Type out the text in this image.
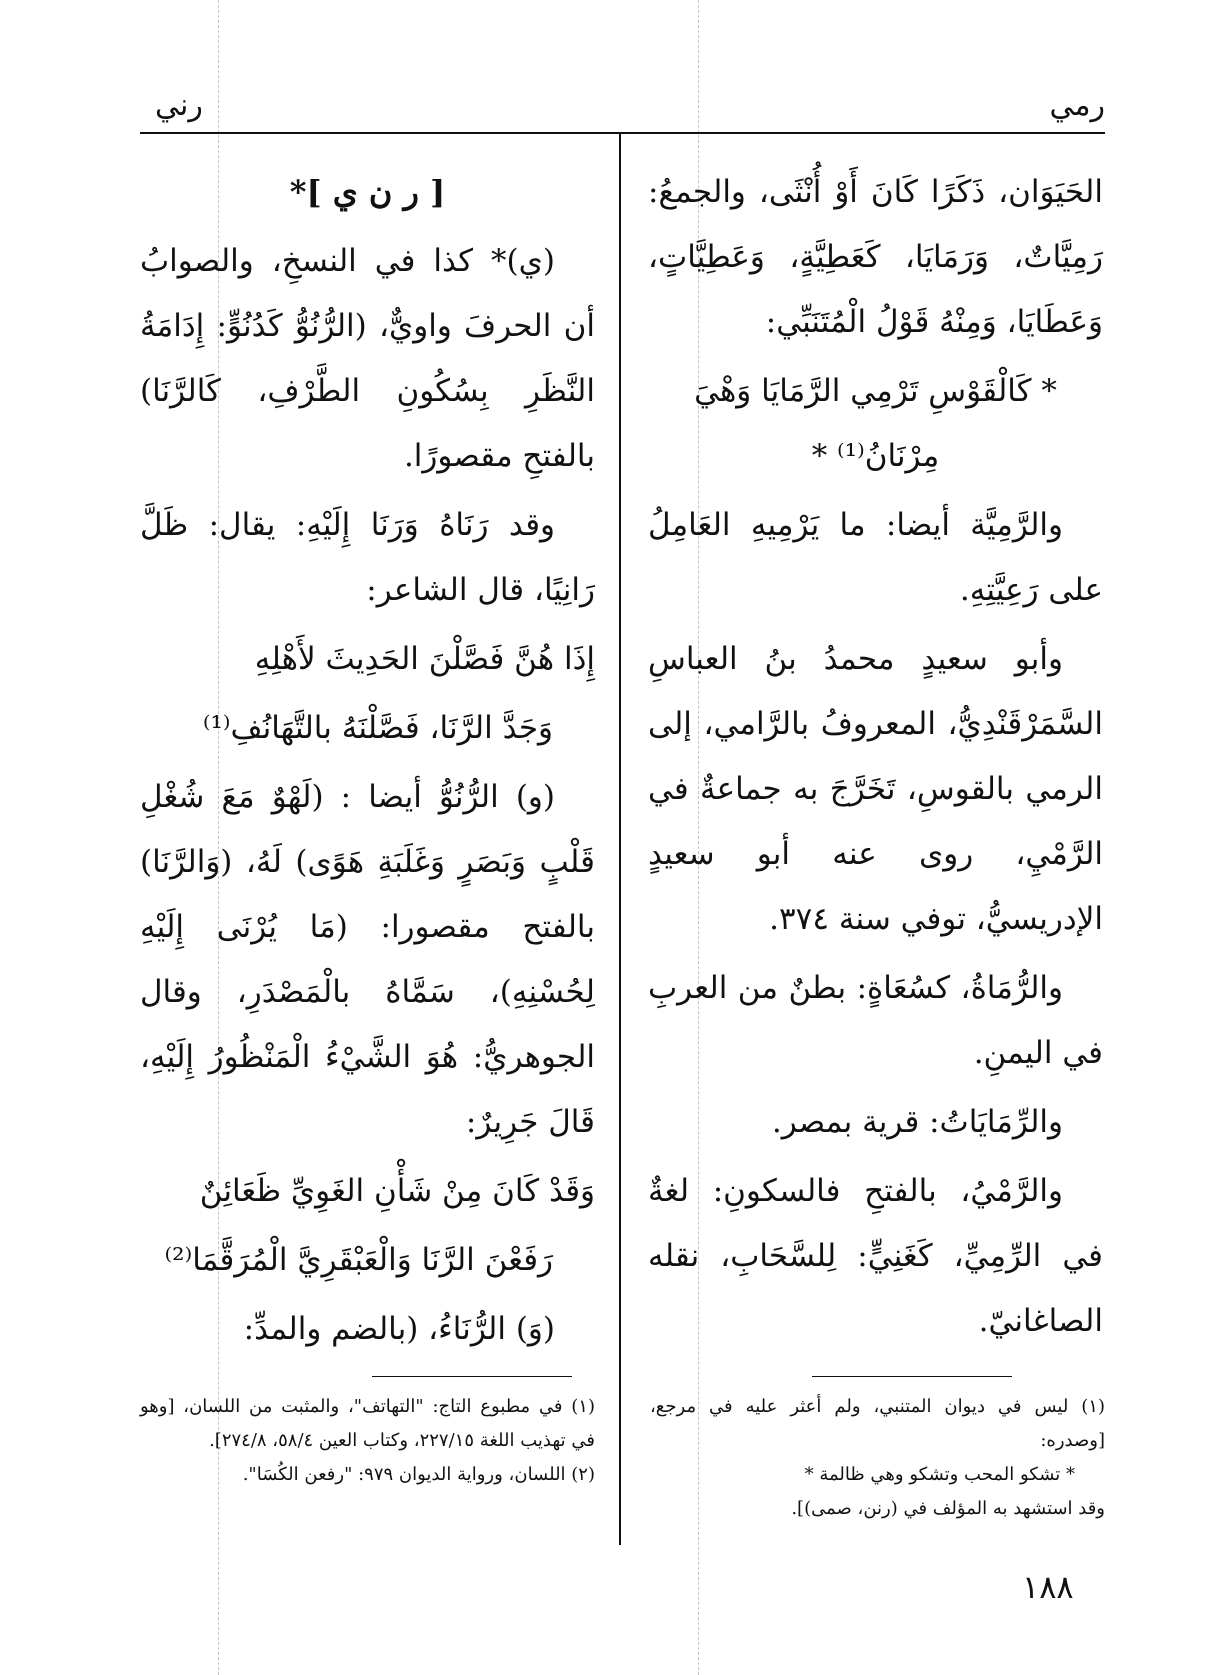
رمي
رني

الحَيَوَان، ذَكَرًا كَانَ أَوْ أُنْثَى، والجمعُ: رَمِيَّاتٌ، وَرَمَايَا، كَعَطِيَّةٍ، وَعَطِيَّاتٍ، وَعَطَايَا، وَمِنْهُ قَوْلُ الْمُتَنَبِّي:

* كَالْقَوْسِ تَرْمِي الرَّمَايَا وَهْيَ مِرْنَانُ⁽¹⁾ *

والرَّمِيَّة أيضا: ما يَرْمِيهِ العَامِلُ على رَعِيَّتِهِ.

وأبو سعيدٍ محمدُ بنُ العباسِ السَّمَرْقَنْدِيُّ، المعروفُ بالرَّامي، إلى الرمي بالقوسِ، تَخَرَّجَ به جماعةٌ في الرَّمْيِ، روى عنه أبو سعيدٍ الإدريسيُّ، توفي سنة ٣٧٤.

والرُّمَاةُ، كسُعَاةٍ: بطنٌ من العربِ في اليمنِ.

والرِّمَايَاتُ: قرية بمصر.

والرَّمْيُ، بالفتحِ فالسكونِ: لغةٌ في الرِّمِيِّ، كَغَنِيٍّ: لِلسَّحَابِ، نقله الصاغانيّ.

[ ر ن ي ]*

(ي)* كذا في النسخِ، والصوابُ أن الحرفَ واويٌّ، (الرُّنُوُّ كَدُنُوٍّ: إِدَامَةُ النَّظَرِ بِسُكُونِ الطَّرْفِ، كَالرَّنَا) بالفتحِ مقصورًا.

وقد رَنَاهُ وَرَنَا إِلَيْهِ: يقال: ظَلَّ رَانِيًا، قال الشاعر:

إِذَا هُنَّ فَصَّلْنَ الحَدِيثَ لأَهْلِهِ

وَجَدَّ الرَّنَا، فَصَّلْنَهُ بالتَّهَانُفِ⁽¹⁾

(و) الرُّنُوُّ أيضا : (لَهْوٌ مَعَ شُغْلِ قَلْبٍ وَبَصَرٍ وَغَلَبَةِ هَوًى) لَهُ، (وَالرَّنَا) بالفتح مقصورا: (مَا يُرْنَى إِلَيْهِ لِحُسْنِهِ)، سَمَّاهُ بالْمَصْدَرِ، وقال الجوهريُّ: هُوَ الشَّيْءُ الْمَنْظُورُ إِلَيْهِ، قَالَ جَرِيرٌ:

وَقَدْ كَانَ مِنْ شَأْنِ الغَوِيِّ ظَعَائِنٌ

رَفَعْنَ الرَّنَا وَالْعَبْقَرِيَّ الْمُرَقَّمَا⁽²⁾

(وَ) الرُّنَاءُ، (بالضم والمدِّ:

(١) ليس في ديوان المتنبي، ولم أعثر عليه في مرجع، [وصدره:

* تشكو المحب وتشكو وهي ظالمة *

وقد استشهد به المؤلف في (رنن، صمى)].

(١) في مطبوع التاج: "التهاتف"، والمثبت من اللسان، [وهو في تهذيب اللغة ٢٢٧/١٥، وكتاب العين ٥٨/٤، ٢٧٤/٨].

(٢) اللسان، ورواية الديوان ٩٧٩: "رفعن الكُسَا".

١٨٨
